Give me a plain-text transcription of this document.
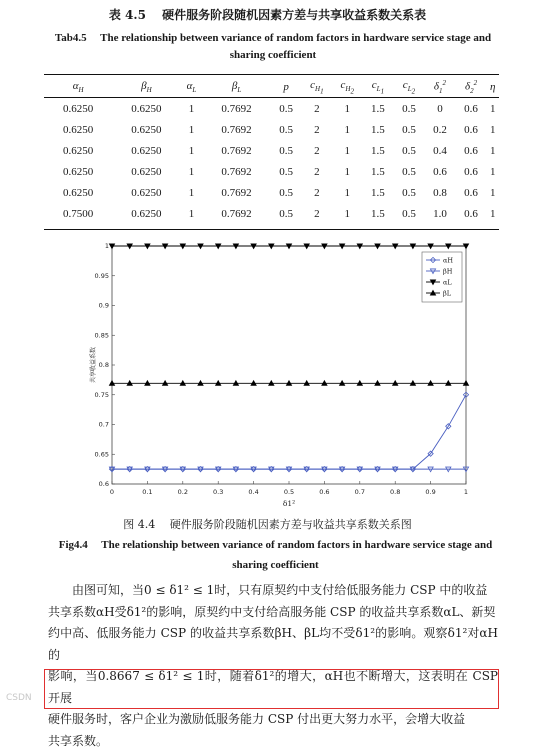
表 4.5　 硬件服务阶段随机因素方差与共享收益系数关系表
Tab4.5　 The relationship between variance of random factors in hardware service stage and
sharing coefficient
$\alpha_H$	$\beta_H$	$\alpha_L$	$\beta_L$	p	$c_{H_1}$	$c_{H_2}$	$c_{L_1}$	$c_{L_2}$	$\delta_1^2$	$\delta_2^2$	η
0.6250	0.6250	1	0.7692	0.5	2	1	1.5	0.5	0	0.6	1
0.6250	0.6250	1	0.7692	0.5	2	1	1.5	0.5	0.2	0.6	1
0.6250	0.6250	1	0.7692	0.5	2	1	1.5	0.5	0.4	0.6	1
0.6250	0.6250	1	0.7692	0.5	2	1	1.5	0.5	0.6	0.6	1
0.6250	0.6250	1	0.7692	0.5	2	1	1.5	0.5	0.8	0.6	1
0.7500	0.6250	1	0.7692	0.5	2	1	1.5	0.5	1.0	0.6	1
0	0.1	0.2	0.3	0.4	0.5	0.6	0.7	0.8	0.9	1
0.6
0.65
0.7
0.75
0.8
0.85
0.9
0.95
1
δ1²
共享收益系数
αH
βH
αL
βL
图 4.4　 硬件服务阶段随机因素方差与收益共享系数关系图
Fig4.4　 The relationship between variance of random factors in hardware service stage and
sharing coefficient

由图可知，当0 ≤ δ1² ≤ 1时，只有原契约中支付给低服务能力 CSP 中的收益

共享系数αH受δ1²的影响，原契约中支付给高服务能 CSP 的收益共享系数αL、新契
约中高、低服务能力 CSP 的收益共享系数βH、βL均不受δ1²的影响。观察δ1²对αH的
影响，当0.8667 ≤ δ1² ≤ 1时，随着δ1²的增大，αH也不断增大，这表明在 CSP 开展
硬件服务时，客户企业为激励低服务能力 CSP 付出更大努力水平，会增大收益
共享系数。
CSDN
